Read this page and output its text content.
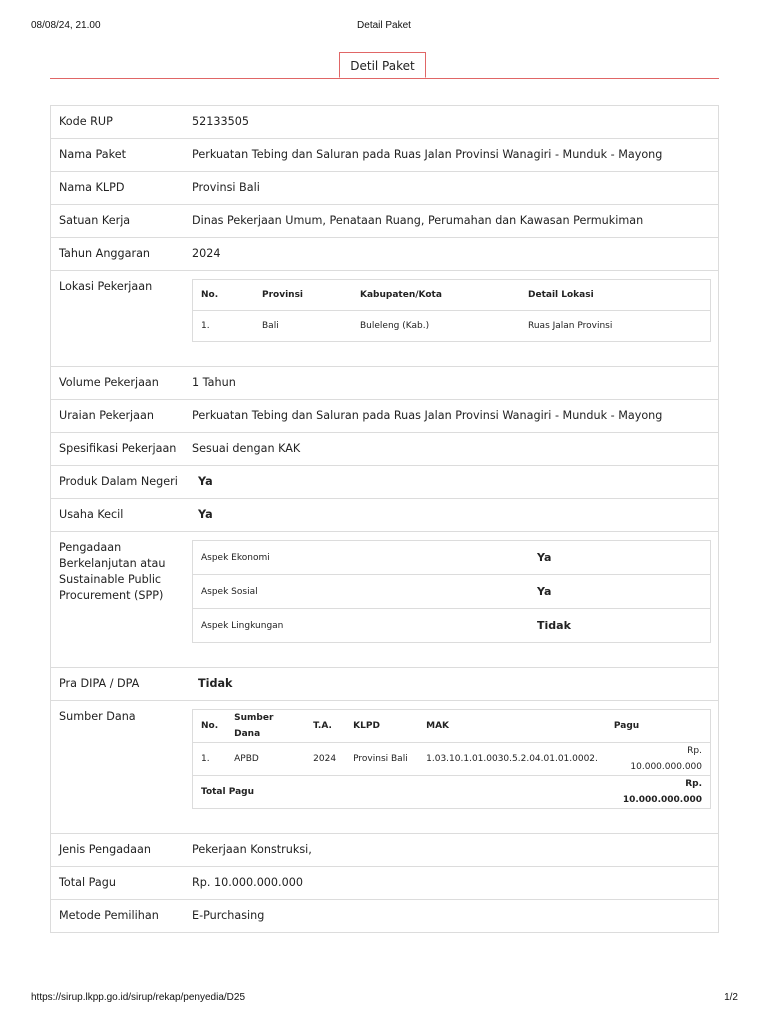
08/08/24, 21.00	Detail Paket
Detil Paket
Kode RUP	52133505
Nama Paket	Perkuatan Tebing dan Saluran pada Ruas Jalan Provinsi Wanagiri - Munduk - Mayong
Nama KLPD	Provinsi Bali
Satuan Kerja	Dinas Pekerjaan Umum, Penataan Ruang, Perumahan dan Kawasan Permukiman
Tahun Anggaran	2024
Lokasi Pekerjaan
No.	Provinsi	Kabupaten/Kota	Detail Lokasi
1.	Bali	Buleleng (Kab.)	Ruas Jalan Provinsi
Volume Pekerjaan	1 Tahun
Uraian Pekerjaan	Perkuatan Tebing dan Saluran pada Ruas Jalan Provinsi Wanagiri - Munduk - Mayong
Spesifikasi Pekerjaan	Sesuai dengan KAK
Produk Dalam Negeri	Ya
Usaha Kecil	Ya
Pengadaan Berkelanjutan atau Sustainable Public Procurement (SPP)
Aspek Ekonomi	Ya
Aspek Sosial	Ya
Aspek Lingkungan	Tidak
Pra DIPA / DPA	Tidak
Sumber Dana
No.	Sumber Dana	T.A.	KLPD	MAK	Pagu
1.	APBD	2024	Provinsi Bali	1.03.10.1.01.0030.5.2.04.01.01.0002.	Rp. 10.000.000.000
Total Pagu					Rp. 10.000.000.000
Jenis Pengadaan	Pekerjaan Konstruksi,
Total Pagu	Rp. 10.000.000.000
Metode Pemilihan	E-Purchasing
https://sirup.lkpp.go.id/sirup/rekap/penyedia/D25	1/2
